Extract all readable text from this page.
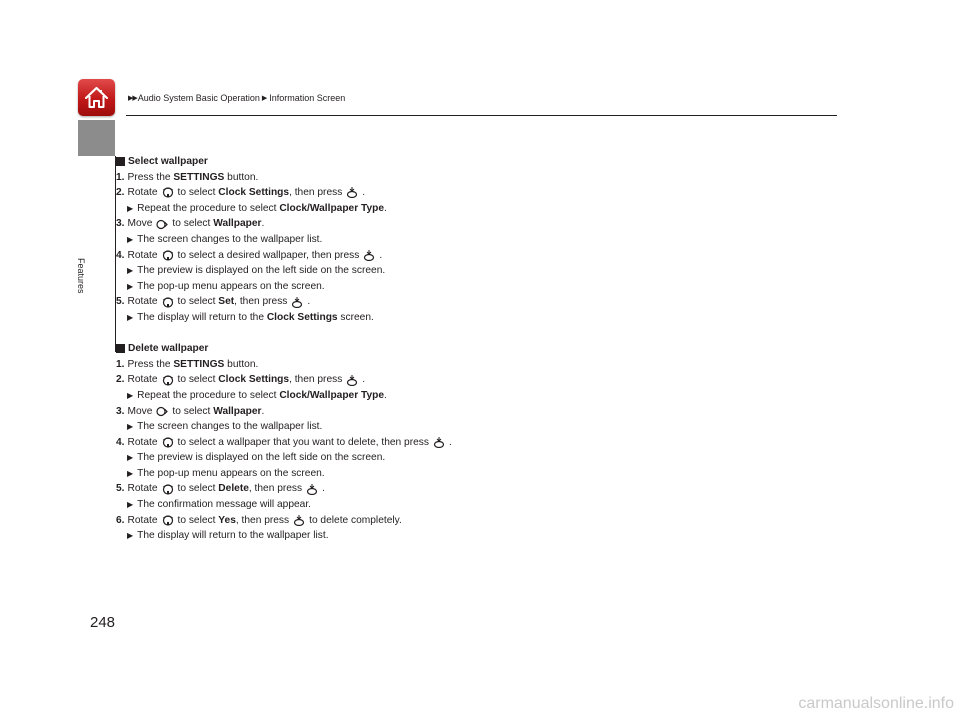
▶▶ Audio System Basic Operation ▶ Information Screen
Features
Select wallpaper
1. Press the SETTINGS button.
2. Rotate to select Clock Settings , then press .
▶ Repeat the procedure to select Clock/Wallpaper Type .
3. Move to select Wallpaper .
▶ The screen changes to the wallpaper list.
4. Rotate to select a desired wallpaper, then press .
▶ The preview is displayed on the left side on the screen.
▶ The pop-up menu appears on the screen.
5. Rotate to select Set , then press .
▶ The display will return to the Clock Settings screen.
Delete wallpaper
1. Press the SETTINGS button.
2. Rotate to select Clock Settings , then press .
▶ Repeat the procedure to select Clock/Wallpaper Type .
3. Move to select Wallpaper .
▶ The screen changes to the wallpaper list.
4. Rotate to select a wallpaper that you want to delete, then press .
▶ The preview is displayed on the left side on the screen.
▶ The pop-up menu appears on the screen.
5. Rotate to select Delete , then press .
▶ The confirmation message will appear.
6. Rotate to select Yes , then press to delete completely.
▶ The display will return to the wallpaper list.
248
carmanualsonline.info
